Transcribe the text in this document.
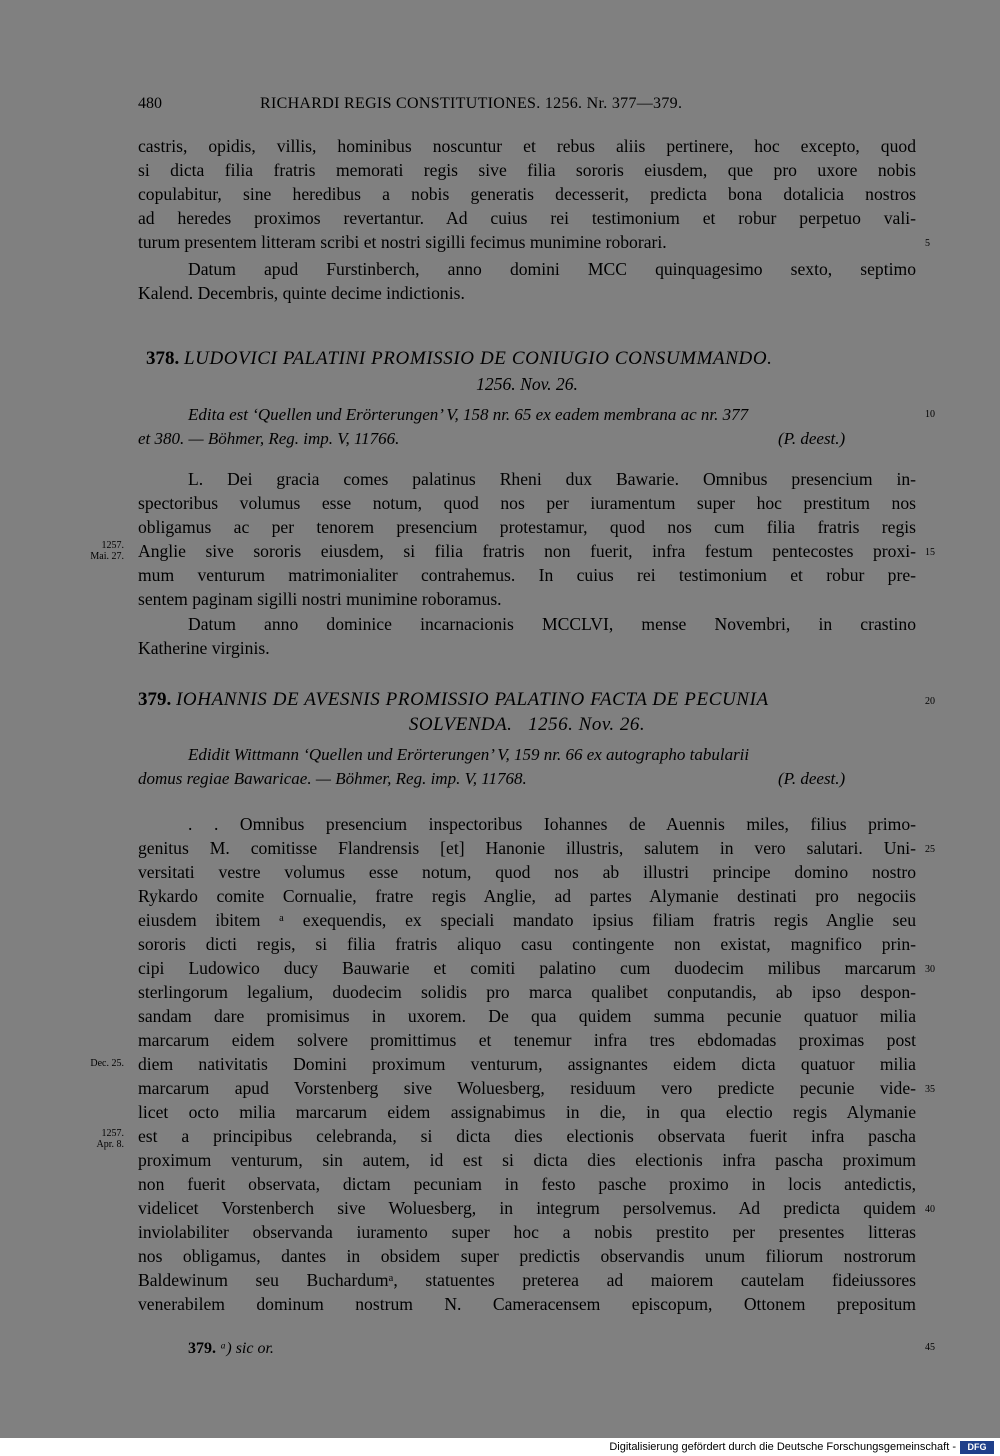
480	RICHARDI REGIS CONSTITUTIONES. 1256. Nr. 377—379.
castris, opidis, villis, hominibus noscuntur et rebus aliis pertinere, hoc excepto, quod
si dicta filia fratris memorati regis sive filia sororis eiusdem, que pro uxore nobis
copulabitur, sine heredibus a nobis generatis decesserit, predicta bona dotalicia nostros
ad heredes proximos revertantur. Ad cuius rei testimonium et robur perpetuo vali-
turum presentem litteram scribi et nostri sigilli fecimus munimine roborari.	5
Datum apud Furstinberch, anno domini MCC quinquagesimo sexto, septimo
Kalend. Decembris, quinte decime indictionis.
378. LUDOVICI PALATINI PROMISSIO DE CONIUGIO CONSUMMANDO.
1256. Nov. 26.
Edita est ‘Quellen und Erörterungen’ V, 158 nr. 65 ex eadem membrana ac nr. 377	10
et 380. — Böhmer, Reg. imp. V, 11766.	(P. deest.)
L. Dei gracia comes palatinus Rheni dux Bawarie. Omnibus presencium in-
spectoribus volumus esse notum, quod nos per iuramentum super hoc prestitum nos
obligamus ac per tenorem presencium protestamur, quod nos cum filia fratris regis
Anglie sive sororis eiusdem, si filia fratris non fuerit, infra festum pentecostes proxi-
1257.
Mai. 27.	15
mum venturum matrimonialiter contrahemus. In cuius rei testimonium et robur pre-
sentem paginam sigilli nostri munimine roboramus.
Datum anno dominice incarnacionis MCCLVI, mense Novembri, in crastino
Katherine virginis.
379. IOHANNIS DE AVESNIS PROMISSIO PALATINO FACTA DE PECUNIA	20
SOLVENDA. 1256. Nov. 26.
Edidit Wittmann ‘Quellen und Erörterungen’ V, 159 nr. 66 ex autographo tabularii
domus regiae Bawaricae. — Böhmer, Reg. imp. V, 11768.	(P. deest.)
. . Omnibus presencium inspectoribus Iohannes de Auennis miles, filius primo-
genitus M. comitisse Flandrensis [et] Hanonie illustris, salutem in vero salutari. Uni- 25
versitati vestre volumus esse notum, quod nos ab illustri principe domino nostro
Rykardo comite Cornualie, fratre regis Anglie, ad partes Alymanie destinati pro negociis
eiusdem ibitem ᵃ exequendis, ex speciali mandato ipsius filiam fratris regis Anglie seu
sororis dicti regis, si filia fratris aliquo casu contingente non existat, magnifico prin-
cipi Ludowico ducy Bauwarie et comiti palatino cum duodecim milibus marcarum 30
sterlingorum legalium, duodecim solidis pro marca qualibet conputandis, ab ipso despon-
sandam dare promisimus in uxorem. De qua quidem summa pecunie quatuor milia
marcarum eidem solvere promittimus et tenemur infra tres ebdomadas proximas post
diem nativitatis Domini proximum venturum, assignantes eidem dicta quatuor milia
Dec. 25.
marcarum apud Vorstenberg sive Woluesberg, residuum vero predicte pecunie vide- 35
licet octo milia marcarum eidem assignabimus in die, in qua electio regis Alymanie
est a principibus celebranda, si dicta dies electionis observata fuerit infra pascha
1257.
Apr. 8.
proximum venturum, sin autem, id est si dicta dies electionis infra pascha proximum
non fuerit observata, dictam pecuniam in festo pasche proximo in locis antedictis,
videlicet Vorstenberch sive Woluesberg, in integrum persolvemus. Ad predicta quidem 40
inviolabiliter observanda iuramento super hoc a nobis prestito per presentes litteras
nos obligamus, dantes in obsidem super predictis observandis unum filiorum nostrorum
Baldewinum seu Buchardumᵃ, statuentes preterea ad maiorem cautelam fideiussores
venerabilem dominum nostrum N. Cameracensem episcopum, Ottonem prepositum
379. ᵃ) sic or.	45
Digitalisierung gefördert durch die Deutsche Forschungsgemeinschaft -	DFG
